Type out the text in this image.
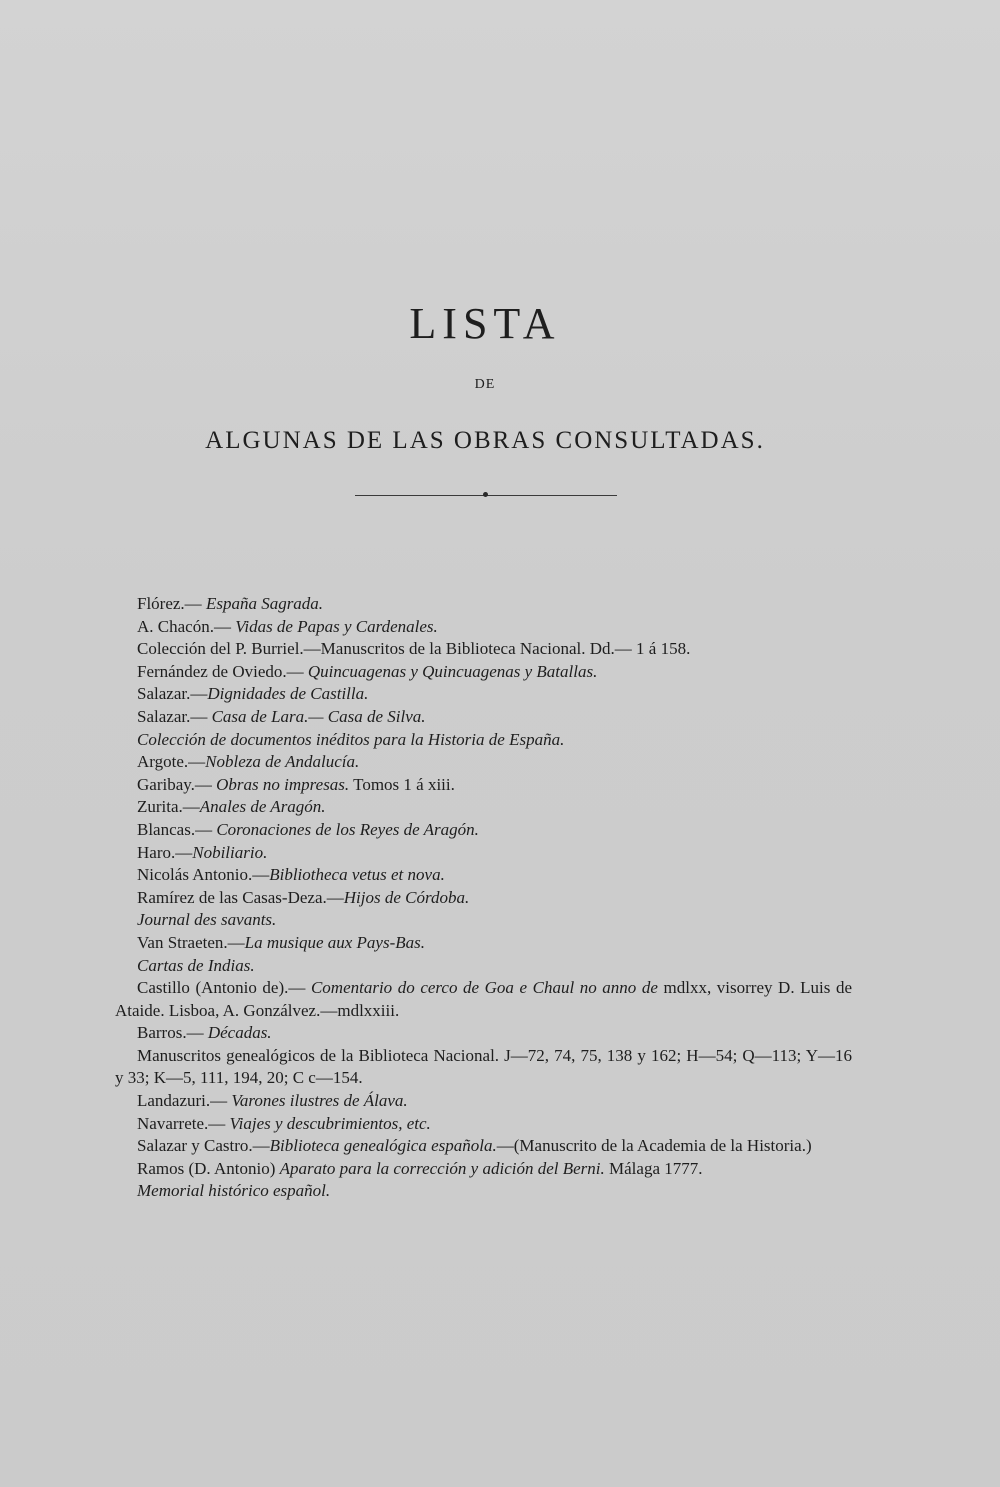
LISTA
DE
ALGUNAS DE LAS OBRAS CONSULTADAS.
Flórez.— España Sagrada.
A. Chacón.— Vidas de Papas y Cardenales.
Colección del P. Burriel.—Manuscritos de la Biblioteca Nacional. Dd.— 1 á 158.
Fernández de Oviedo.— Quincuagenas y Quincuagenas y Batallas.
Salazar.—Dignidades de Castilla.
Salazar.— Casa de Lara.— Casa de Silva.
Colección de documentos inéditos para la Historia de España.
Argote.—Nobleza de Andalucía.
Garibay.— Obras no impresas. Tomos 1 á xiii.
Zurita.—Anales de Aragón.
Blancas.— Coronaciones de los Reyes de Aragón.
Haro.—Nobiliario.
Nicolás Antonio.—Bibliotheca vetus et nova.
Ramírez de las Casas-Deza.—Hijos de Córdoba.
Journal des savants.
Van Straeten.—La musique aux Pays-Bas.
Cartas de Indias.
Castillo (Antonio de).— Comentario do cerco de Goa e Chaul no anno de mdlxx, visorrey D. Luis de Ataide. Lisboa, A. Gonzálvez.—mdlxxiii.
Barros.— Décadas.
Manuscritos genealógicos de la Biblioteca Nacional. J—72, 74, 75, 138 y 162; H—54; Q—113; Y—16 y 33; K—5, 111, 194, 20; C c—154.
Landazuri.— Varones ilustres de Álava.
Navarrete.— Viajes y descubrimientos, etc.
Salazar y Castro.—Biblioteca genealógica española.—(Manuscrito de la Academia de la Historia.)
Ramos (D. Antonio) Aparato para la corrección y adición del Berni. Málaga 1777.
Memorial histórico español.
